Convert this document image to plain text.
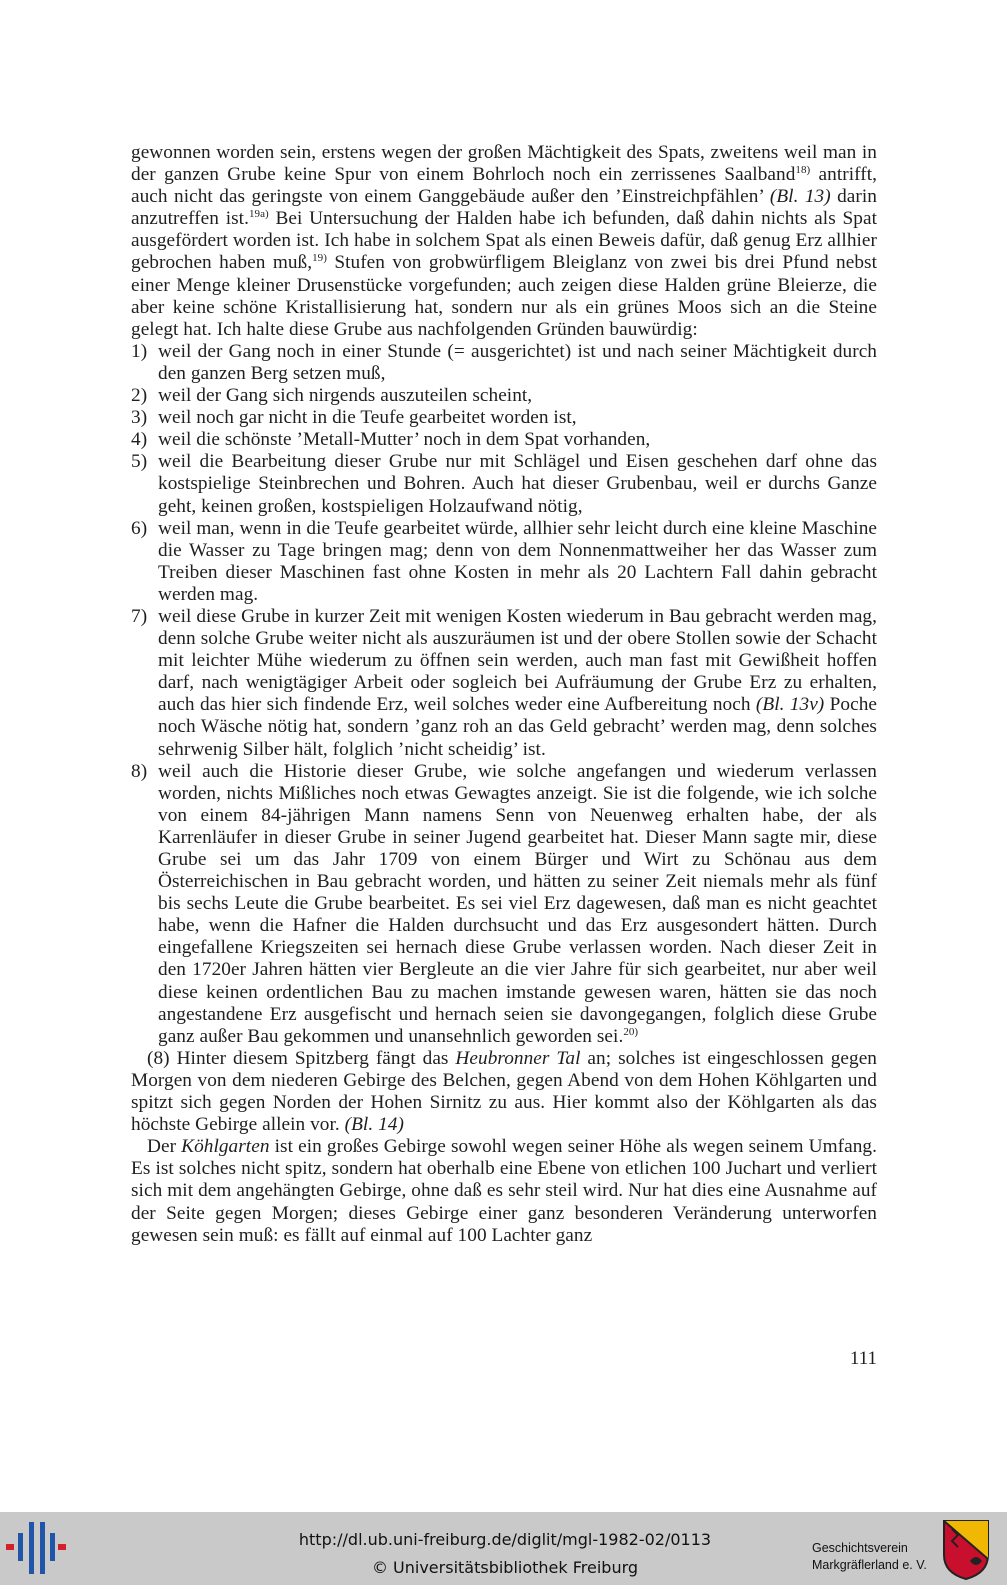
gewonnen worden sein, erstens wegen der großen Mächtigkeit des Spats, zweitens weil man in der ganzen Grube keine Spur von einem Bohrloch noch ein zerrissenes Saalband$^{18)}$ antrifft, auch nicht das geringste von einem Ganggebäude außer den ’Einstreichpfählen’ (Bl. 13) darin anzutreffen ist.$^{19a)}$ Bei Untersuchung der Halden habe ich befunden, daß dahin nichts als Spat ausgefördert worden ist. Ich habe in solchem Spat als einen Beweis dafür, daß genug Erz allhier gebrochen haben muß,$^{19)}$ Stufen von grobwürfligem Bleiglanz von zwei bis drei Pfund nebst einer Menge kleiner Drusenstücke vorgefunden; auch zeigen diese Halden grüne Bleierze, die aber keine schöne Kristallisierung hat, sondern nur als ein grünes Moos sich an die Steine gelegt hat. Ich halte diese Grube aus nachfolgenden Gründen bauwürdig:

1) weil der Gang noch in einer Stunde (= ausgerichtet) ist und nach seiner Mächtigkeit durch den ganzen Berg setzen muß,

2) weil der Gang sich nirgends auszuteilen scheint,

3) weil noch gar nicht in die Teufe gearbeitet worden ist,

4) weil die schönste ’Metall-Mutter’ noch in dem Spat vorhanden,

5) weil die Bearbeitung dieser Grube nur mit Schlägel und Eisen geschehen darf ohne das kostspielige Steinbrechen und Bohren. Auch hat dieser Grubenbau, weil er durchs Ganze geht, keinen großen, kostspieligen Holzaufwand nötig,

6) weil man, wenn in die Teufe gearbeitet würde, allhier sehr leicht durch eine kleine Maschine die Wasser zu Tage bringen mag; denn von dem Nonnenmattweiher her das Wasser zum Treiben dieser Maschinen fast ohne Kosten in mehr als 20 Lachtern Fall dahin gebracht werden mag.

7) weil diese Grube in kurzer Zeit mit wenigen Kosten wiederum in Bau gebracht werden mag, denn solche Grube weiter nicht als auszuräumen ist und der obere Stollen sowie der Schacht mit leichter Mühe wiederum zu öffnen sein werden, auch man fast mit Gewißheit hoffen darf, nach wenigtägiger Arbeit oder sogleich bei Aufräumung der Grube Erz zu erhalten, auch das hier sich findende Erz, weil solches weder eine Aufbereitung noch (Bl. 13v) Poche noch Wäsche nötig hat, sondern ’ganz roh an das Geld gebracht’ werden mag, denn solches sehrwenig Silber hält, folglich ’nicht scheidig’ ist.

8) weil auch die Historie dieser Grube, wie solche angefangen und wiederum verlassen worden, nichts Mißliches noch etwas Gewagtes anzeigt. Sie ist die folgende, wie ich solche von einem 84-jährigen Mann namens Senn von Neuenweg erhalten habe, der als Karrenläufer in dieser Grube in seiner Jugend gearbeitet hat. Dieser Mann sagte mir, diese Grube sei um das Jahr 1709 von einem Bürger und Wirt zu Schönau aus dem Österreichischen in Bau gebracht worden, und hätten zu seiner Zeit niemals mehr als fünf bis sechs Leute die Grube bearbeitet. Es sei viel Erz dagewesen, daß man es nicht geachtet habe, wenn die Hafner die Halden durchsucht und das Erz ausgesondert hätten. Durch eingefallene Kriegszeiten sei hernach diese Grube verlassen worden. Nach dieser Zeit in den 1720er Jahren hätten vier Bergleute an die vier Jahre für sich gearbeitet, nur aber weil diese keinen ordentlichen Bau zu machen imstande gewesen waren, hätten sie das noch angestandene Erz ausgefischt und hernach seien sie davongegangen, folglich diese Grube ganz außer Bau gekommen und unansehnlich geworden sei.$^{20)}$

(8) Hinter diesem Spitzberg fängt das Heubronner Tal an; solches ist eingeschlossen gegen Morgen von dem niederen Gebirge des Belchen, gegen Abend von dem Hohen Köhlgarten und spitzt sich gegen Norden der Hohen Sirnitz zu aus. Hier kommt also der Köhlgarten als das höchste Gebirge allein vor. (Bl. 14)

Der Köhlgarten ist ein großes Gebirge sowohl wegen seiner Höhe als wegen seinem Umfang. Es ist solches nicht spitz, sondern hat oberhalb eine Ebene von etlichen 100 Juchart und verliert sich mit dem angehängten Gebirge, ohne daß es sehr steil wird. Nur hat dies eine Ausnahme auf der Seite gegen Morgen; dieses Gebirge einer ganz besonderen Veränderung unterworfen gewesen sein muß: es fällt auf einmal auf 100 Lachter ganz

111
http://dl.ub.uni-freiburg.de/diglit/mgl-1982-02/0113
© Universitätsbibliothek Freiburg
Geschichtsverein
Markgräflerland e. V.
